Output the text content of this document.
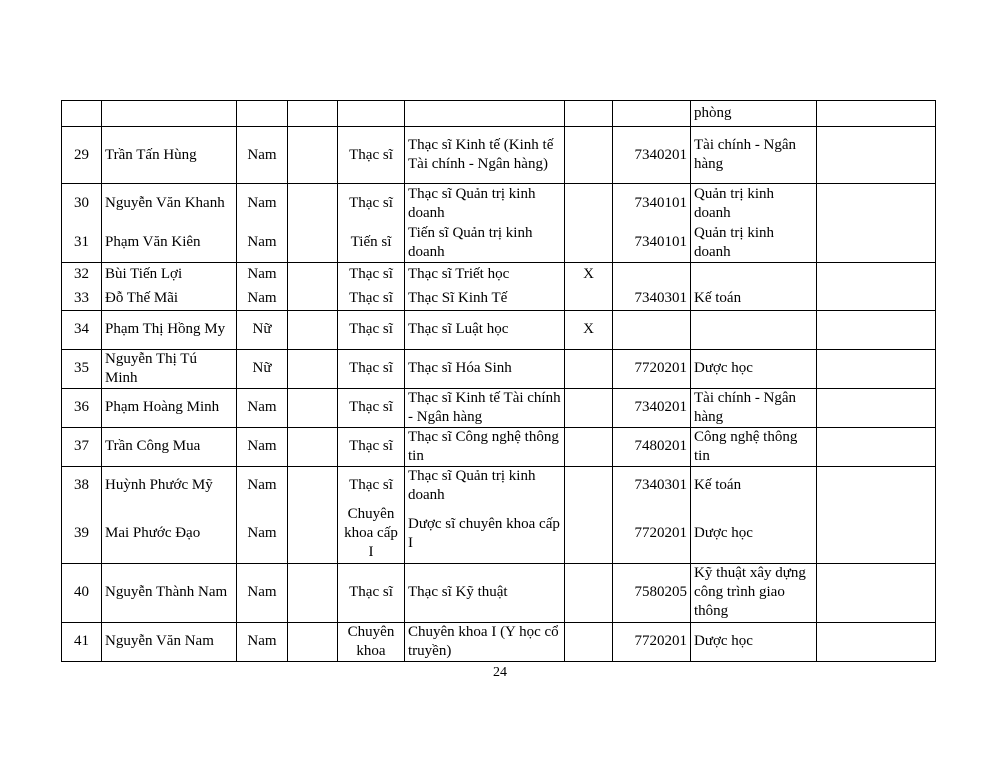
								phòng	
29	Trần Tấn Hùng	Nam		Thạc sĩ	Thạc sĩ Kinh tế (Kinh tế Tài chính - Ngân hàng)		7340201	Tài chính - Ngân hàng	
30	Nguyễn Văn Khanh	Nam		Thạc sĩ	Thạc sĩ Quản trị kinh doanh		7340101	Quản trị kinh doanh	
31	Phạm Văn Kiên	Nam		Tiến sĩ	Tiến sĩ Quản trị kinh doanh		7340101	Quản trị kinh doanh	
32	Bùi Tiến Lợi	Nam		Thạc sĩ	Thạc sĩ Triết học	X			
33	Đỗ Thế Mãi	Nam		Thạc sĩ	Thạc Sĩ Kinh Tế		7340301	Kế toán	
34	Phạm Thị Hồng My	Nữ		Thạc sĩ	Thạc sĩ Luật học	X			
35	Nguyễn Thị Tú Minh	Nữ		Thạc sĩ	Thạc sĩ Hóa Sinh		7720201	Dược học	
36	Phạm Hoàng Minh	Nam		Thạc sĩ	Thạc sĩ Kinh tế Tài chính - Ngân hàng		7340201	Tài chính - Ngân hàng	
37	Trần Công Mua	Nam		Thạc sĩ	Thạc sĩ Công nghệ thông tin		7480201	Công nghệ thông tin	
38	Huỳnh Phước Mỹ	Nam		Thạc sĩ	Thạc sĩ Quản trị kinh doanh		7340301	Kế toán	
39	Mai Phước Đạo	Nam		Chuyên khoa cấp I	Dược sĩ chuyên khoa cấp I		7720201	Dược học	
40	Nguyễn Thành Nam	Nam		Thạc sĩ	Thạc sĩ Kỹ thuật		7580205	Kỹ thuật xây dựng công trình giao thông	
41	Nguyễn Văn Nam	Nam		Chuyên khoa	Chuyên khoa I (Y học cổ truyền)		7720201	Dược học	
24
